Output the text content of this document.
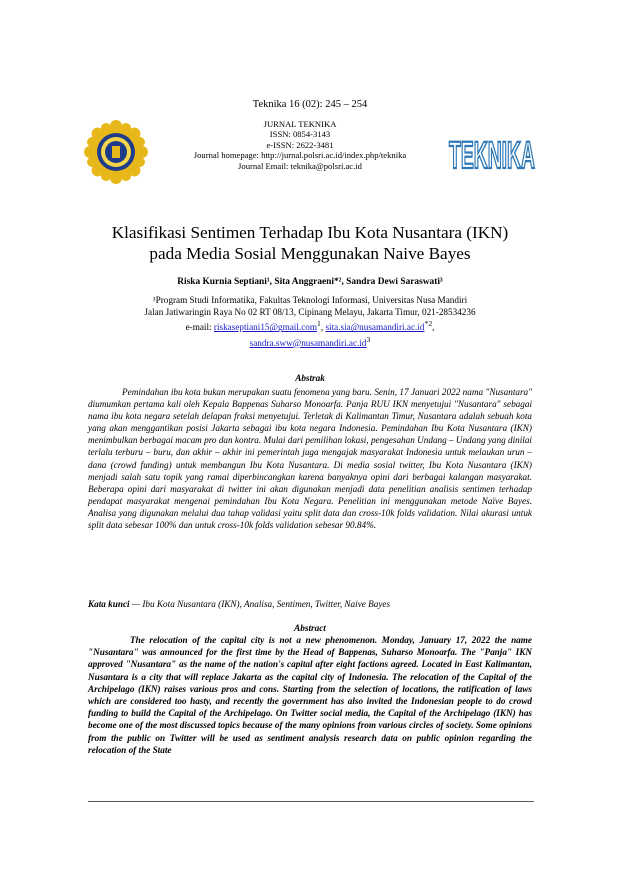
Teknika 16 (02): 245 – 254
JURNAL TEKNIKA
ISSN: 0854-3143
e-ISSN: 2622-3481
Journal homepage: http://jurnal.polsri.ac.id/index.php/teknika
Journal Email: teknika@polsri.ac.id	TEKNIKA
Klasifikasi Sentimen Terhadap Ibu Kota Nusantara (IKN)
pada Media Sosial Menggunakan Naive Bayes
Riska Kurnia Septiani¹, Sita Anggraeni*², Sandra Dewi Saraswati³
¹Program Studi Informatika, Fakultas Teknologi Informasi, Universitas Nusa Mandiri
Jalan Jatiwaringin Raya No 02 RT 08/13, Cipinang Melayu, Jakarta Timur, 021-28534236
e-mail: riskaseptiani15@gmail.com$^1$, $sita.sia@nusamandiri.ac.id^{*2}$,
$sandra.sww@nusamandiri.ac.id^3$
Abstrak

Pemindahan ibu kota bukan merupakan suatu fenomena yang baru. Senin, 17 Januari 2022 nama "Nusantara" diumumkan pertama kali oleh Kepala Bappenas Suharso Monoarfa. Panja RUU IKN menyetujui "Nusantara" sebagai nama ibu kota negara setelah delapan fraksi menyetujui. Terletak di Kalimantan Timur, Nusantara adalah sebuah kota yang akan menggantikan posisi Jakarta sebagai ibu kota negara Indonesia. Pemindahan Ibu Kota Nusantara (IKN) menimbulkan berbagai macam pro dan kontra. Mulai dari pemilihan lokasi, pengesahan Undang – Undang yang dinilai terlalu terburu – buru, dan akhir – akhir ini pemerintah juga mengajak masyarakat Indonesia untuk melaukan urun – dana (crowd funding) untuk membangun Ibu Kota Nusantara. Di media sosial twitter, Ibu Kota Nusantara (IKN) menjadi salah satu topik yang ramai diperbincangkan karena banyaknya opini dari berbagai kalangan masyarakat. Beberapa opini dari masyarakat di twitter ini akan digunakan menjadi data penelitian analisis sentimen terhadap pendapat masyarakat mengenai pemindahan Ibu Kota Negara. Penelitian ini menggunakan metode Naïve Bayes. Analisa yang digunakan melalui dua tahap validasi yaitu split data dan cross-10k folds validation. Nilai akurasi untuk split data sebesar 100% dan untuk cross-10k folds validation sebesar 90.84%.

Kata kunci — Ibu Kota Nusantara (IKN), Analisa, Sentimen, Twitter, Naive Bayes
Abstract

The relocation of the capital city is not a new phenomenon. Monday, January 17, 2022 the name "Nusantara" was announced for the first time by the Head of Bappenas, Suharso Monoarfa. The "Panja" IKN approved "Nusantara" as the name of the nation's capital after eight factions agreed. Located in East Kalimantan, Nusantara is a city that will replace Jakarta as the capital city of Indonesia. The relocation of the Capital of the Archipelago (IKN) raises various pros and cons. Starting from the selection of locations, the ratification of laws which are considered too hasty, and recently the government has also invited the Indonesian people to do crowd funding to build the Capital of the Archipelago. On Twitter social media, the Capital of the Archipelago (IKN) has become one of the most discussed topics because of the many opinions from various circles of society. Some opinions from the public on Twitter will be used as sentiment analysis research data on public opinion regarding the relocation of the State
